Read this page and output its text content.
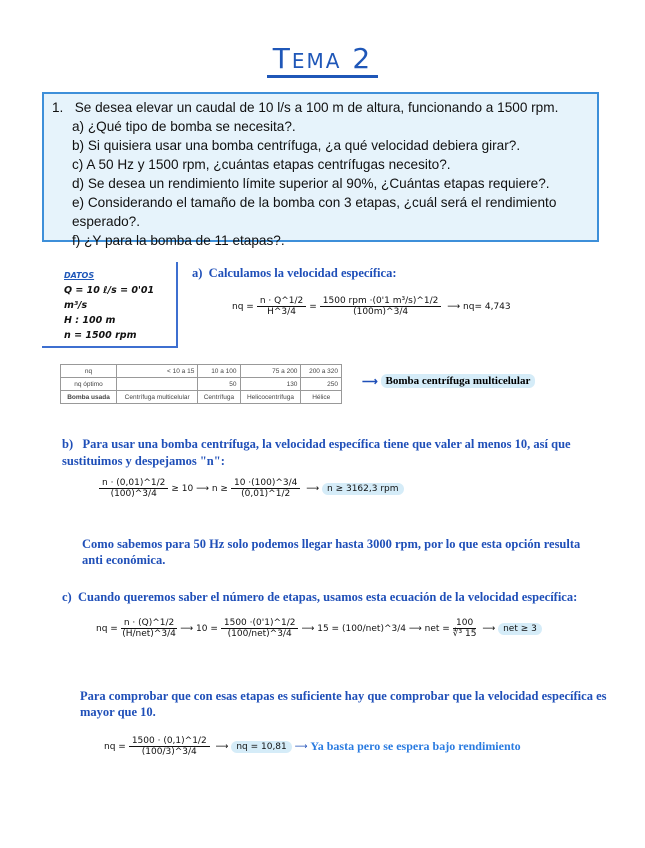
Tema 2
1. Se desea elevar un caudal de 10 l/s a 100 m de altura, funcionando a 1500 rpm.
a) ¿Qué tipo de bomba se necesita?.
b) Si quisiera usar una bomba centrífuga, ¿a qué velocidad debiera girar?.
c) A 50 Hz y 1500 rpm, ¿cuántas etapas centrífugas necesito?.
d) Se desea un rendimiento límite superior al 90%, ¿Cuántas etapas requiere?.
e) Considerando el tamaño de la bomba con 3 etapas, ¿cuál será el rendimiento esperado?.
f) ¿Y para la bomba de 11 etapas?.
DATOS
Q = 10 ℓ/s = 0'01 m³/s
H : 100 m
n = 1500 rpm
a) Calculamos la velocidad específica:
nq = $\frac{n \cdot Q\^{}1/2}{H\^{}3/4} = \frac{\text{1500 rpm ·(0'1 m³/s)\textasciicircum{}1/2}}{(100m)\^{}3/4}$
⟶
nq= 4,743
nq	< 10 a 15	10 a 100	75 a 200	200 a 320
nq óptimo		50	130	250
Bomba usada	Centrífuga multicelular	Centrífuga	Helicocentrífuga	Hélice
⟶ Bomba centrífuga multicelular
b) Para usar una bomba centrífuga, la velocidad específica tiene que valer al menos 10, así que sustituimos y despejamos "n":
$\frac{n \cdot (0,01)\^{}1/2}{(100)\^{}3/4} \ge 10$ ⟶ $n \ge \frac{10 \cdot(100)\^{}3/4}{(0,01)\^{}1/2}$ ⟶ n ≥ 3162,3 rpm
Como sabemos para 50 Hz solo podemos llegar hasta 3000 rpm, por lo que esta opción resulta anti económica.
c) Cuando queremos saber el número de etapas, usamos esta ecuación de la velocidad específica:
nq = $\frac{n \cdot (Q)\^{}1/2}{\text{(H/net)\textasciicircum{}3/4}}$ ⟶ $10 = \frac{1500 \cdot(0'1)\^{}1/2}{\text{(100/net)\textasciicircum{}3/4}}$ ⟶ 15 = (100/net)^3/4 ⟶ net = $\frac{100}{\text{∜³ 15}}$ ⟶ net ≥ 3
Para comprobar que con esas etapas es suficiente hay que comprobar que la velocidad específica es mayor que 10.
nq = $\frac{1500 \cdot (0,1)\^{}1/2}{(100/3)\^{}3/4}$ ⟶ nq = 10,81
⟶
Ya basta pero se espera bajo rendimiento
